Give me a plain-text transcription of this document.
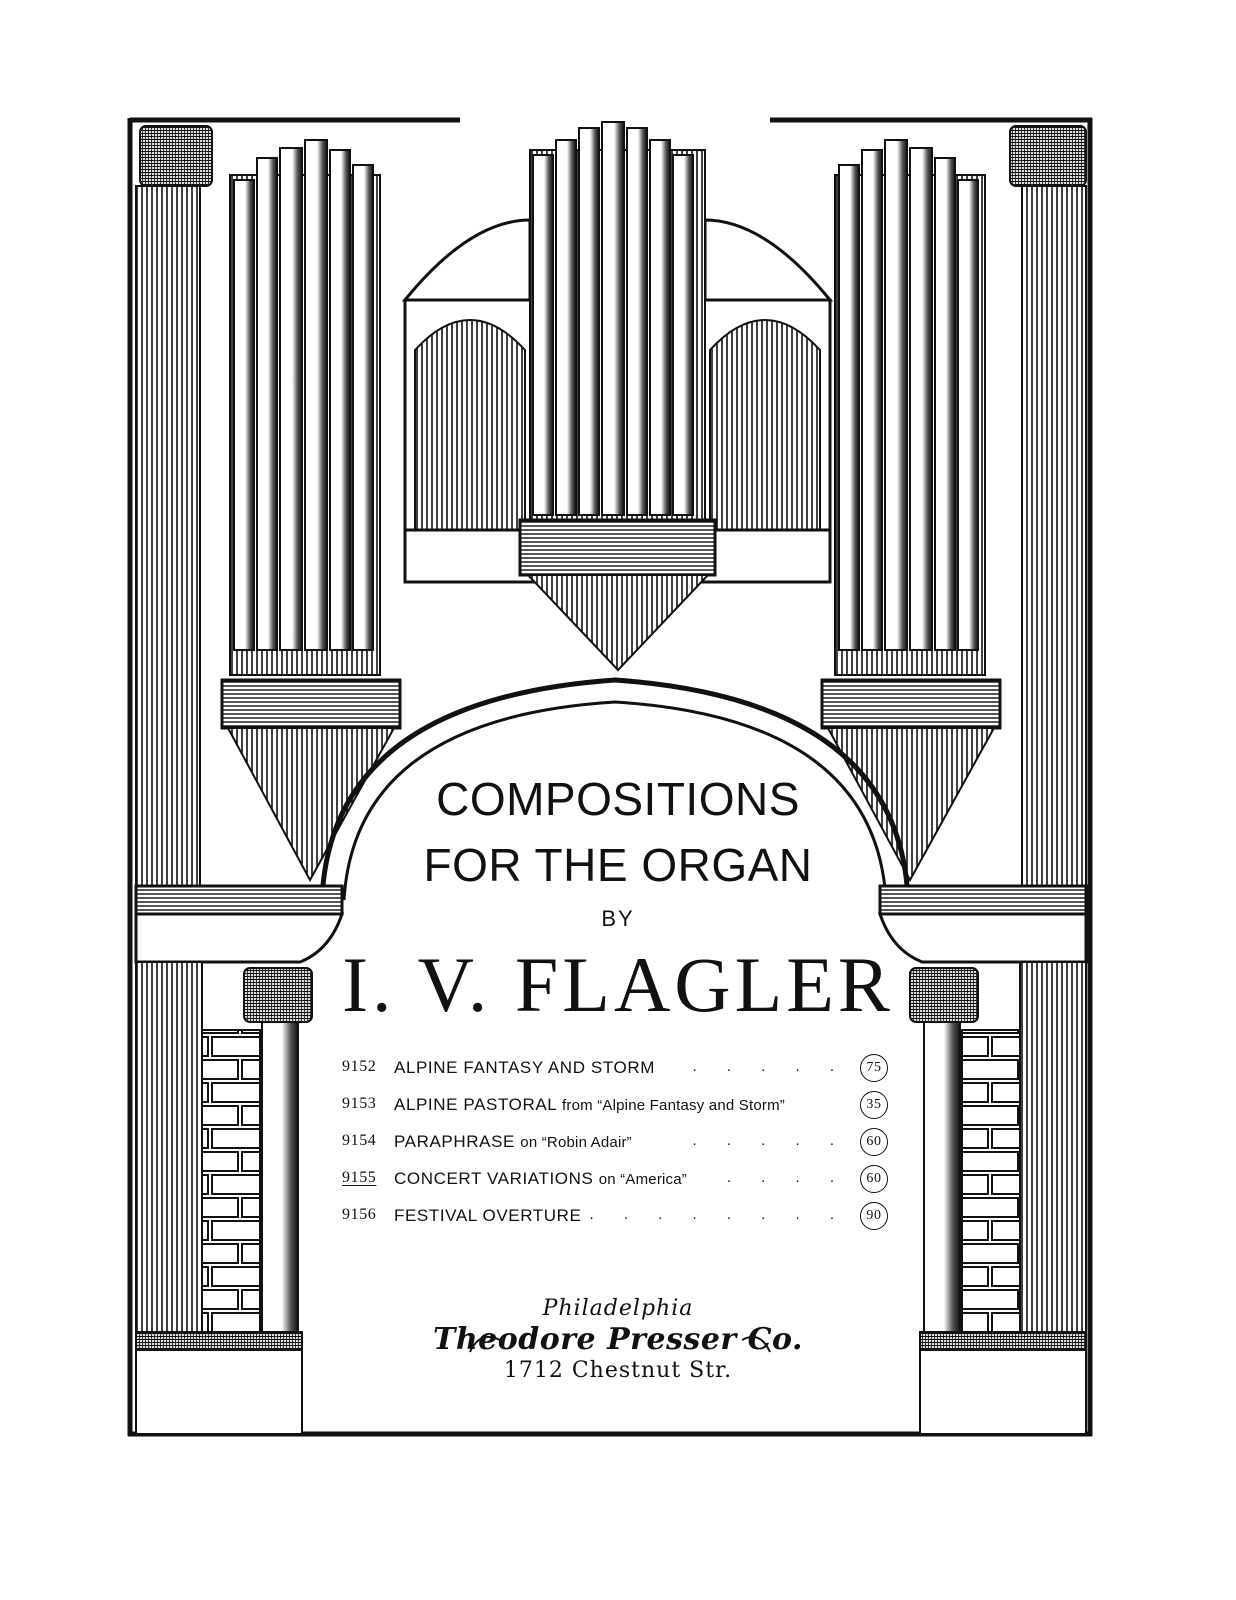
COMPOSITIONS
FOR THE ORGAN
BY
I. V. FLAGLER
9152 ALPINE FANTASY AND STORM	. . . . .	75
9153 ALPINE PASTORAL from “Alpine Fantasy and Storm”	35
9154 PARAPHRASE on “Robin Adair”	. . . . .	60
9155 CONCERT VARIATIONS on “America”	. . . .	60
9156 FESTIVAL OVERTURE . . . . . . . .	90
Philadelphia
Theodore Presser Co.
1712 Chestnut Str.
